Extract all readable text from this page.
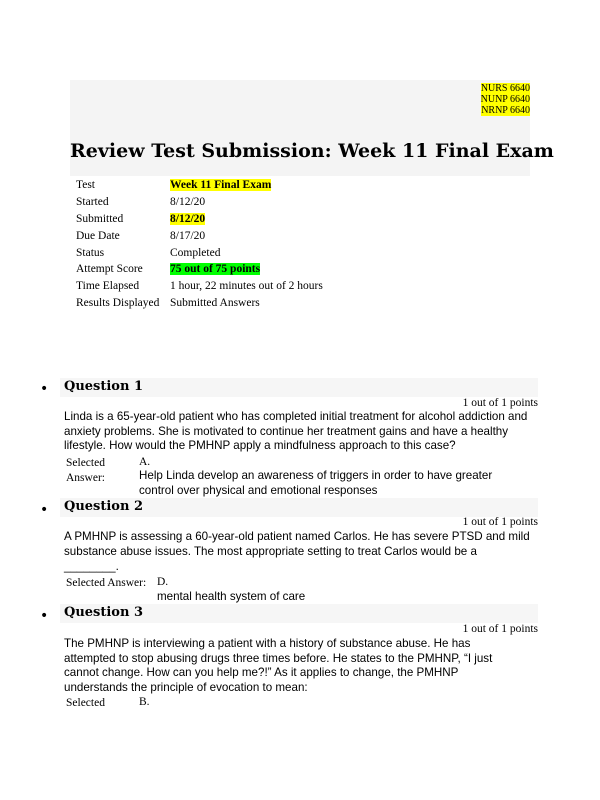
NURS 6640
NUNP 6640
NRNP 6640
Review Test Submission: Week 11 Final Exam
Test	Week 11 Final Exam
Started	8/12/20
Submitted	8/12/20
Due Date	8/17/20
Status	Completed
Attempt Score	75 out of 75 points
Time Elapsed	1 hour, 22 minutes out of 2 hours
Results Displayed	Submitted Answers
• Question 1
1 out of 1 points
Linda is a 65-year-old patient who has completed initial treatment for alcohol addiction and anxiety problems. She is motivated to continue her treatment gains and have a healthy lifestyle. How would the PMHNP apply a mindfulness approach to this case?
Selected
Answer:
A.
Help Linda develop an awareness of triggers in order to have greater control over physical and emotional responses
• Question 2
1 out of 1 points
A PMHNP is assessing a 60-year-old patient named Carlos. He has severe PTSD and mild substance abuse issues. The most appropriate setting to treat Carlos would be a
________.
Selected Answer: D.
mental health system of care
• Question 3
1 out of 1 points
The PMHNP is interviewing a patient with a history of substance abuse. He has attempted to stop abusing drugs three times before. He states to the PMHNP, “I just cannot change. How can you help me?!” As it applies to change, the PMHNP understands the principle of evocation to mean:
Selected	B.
